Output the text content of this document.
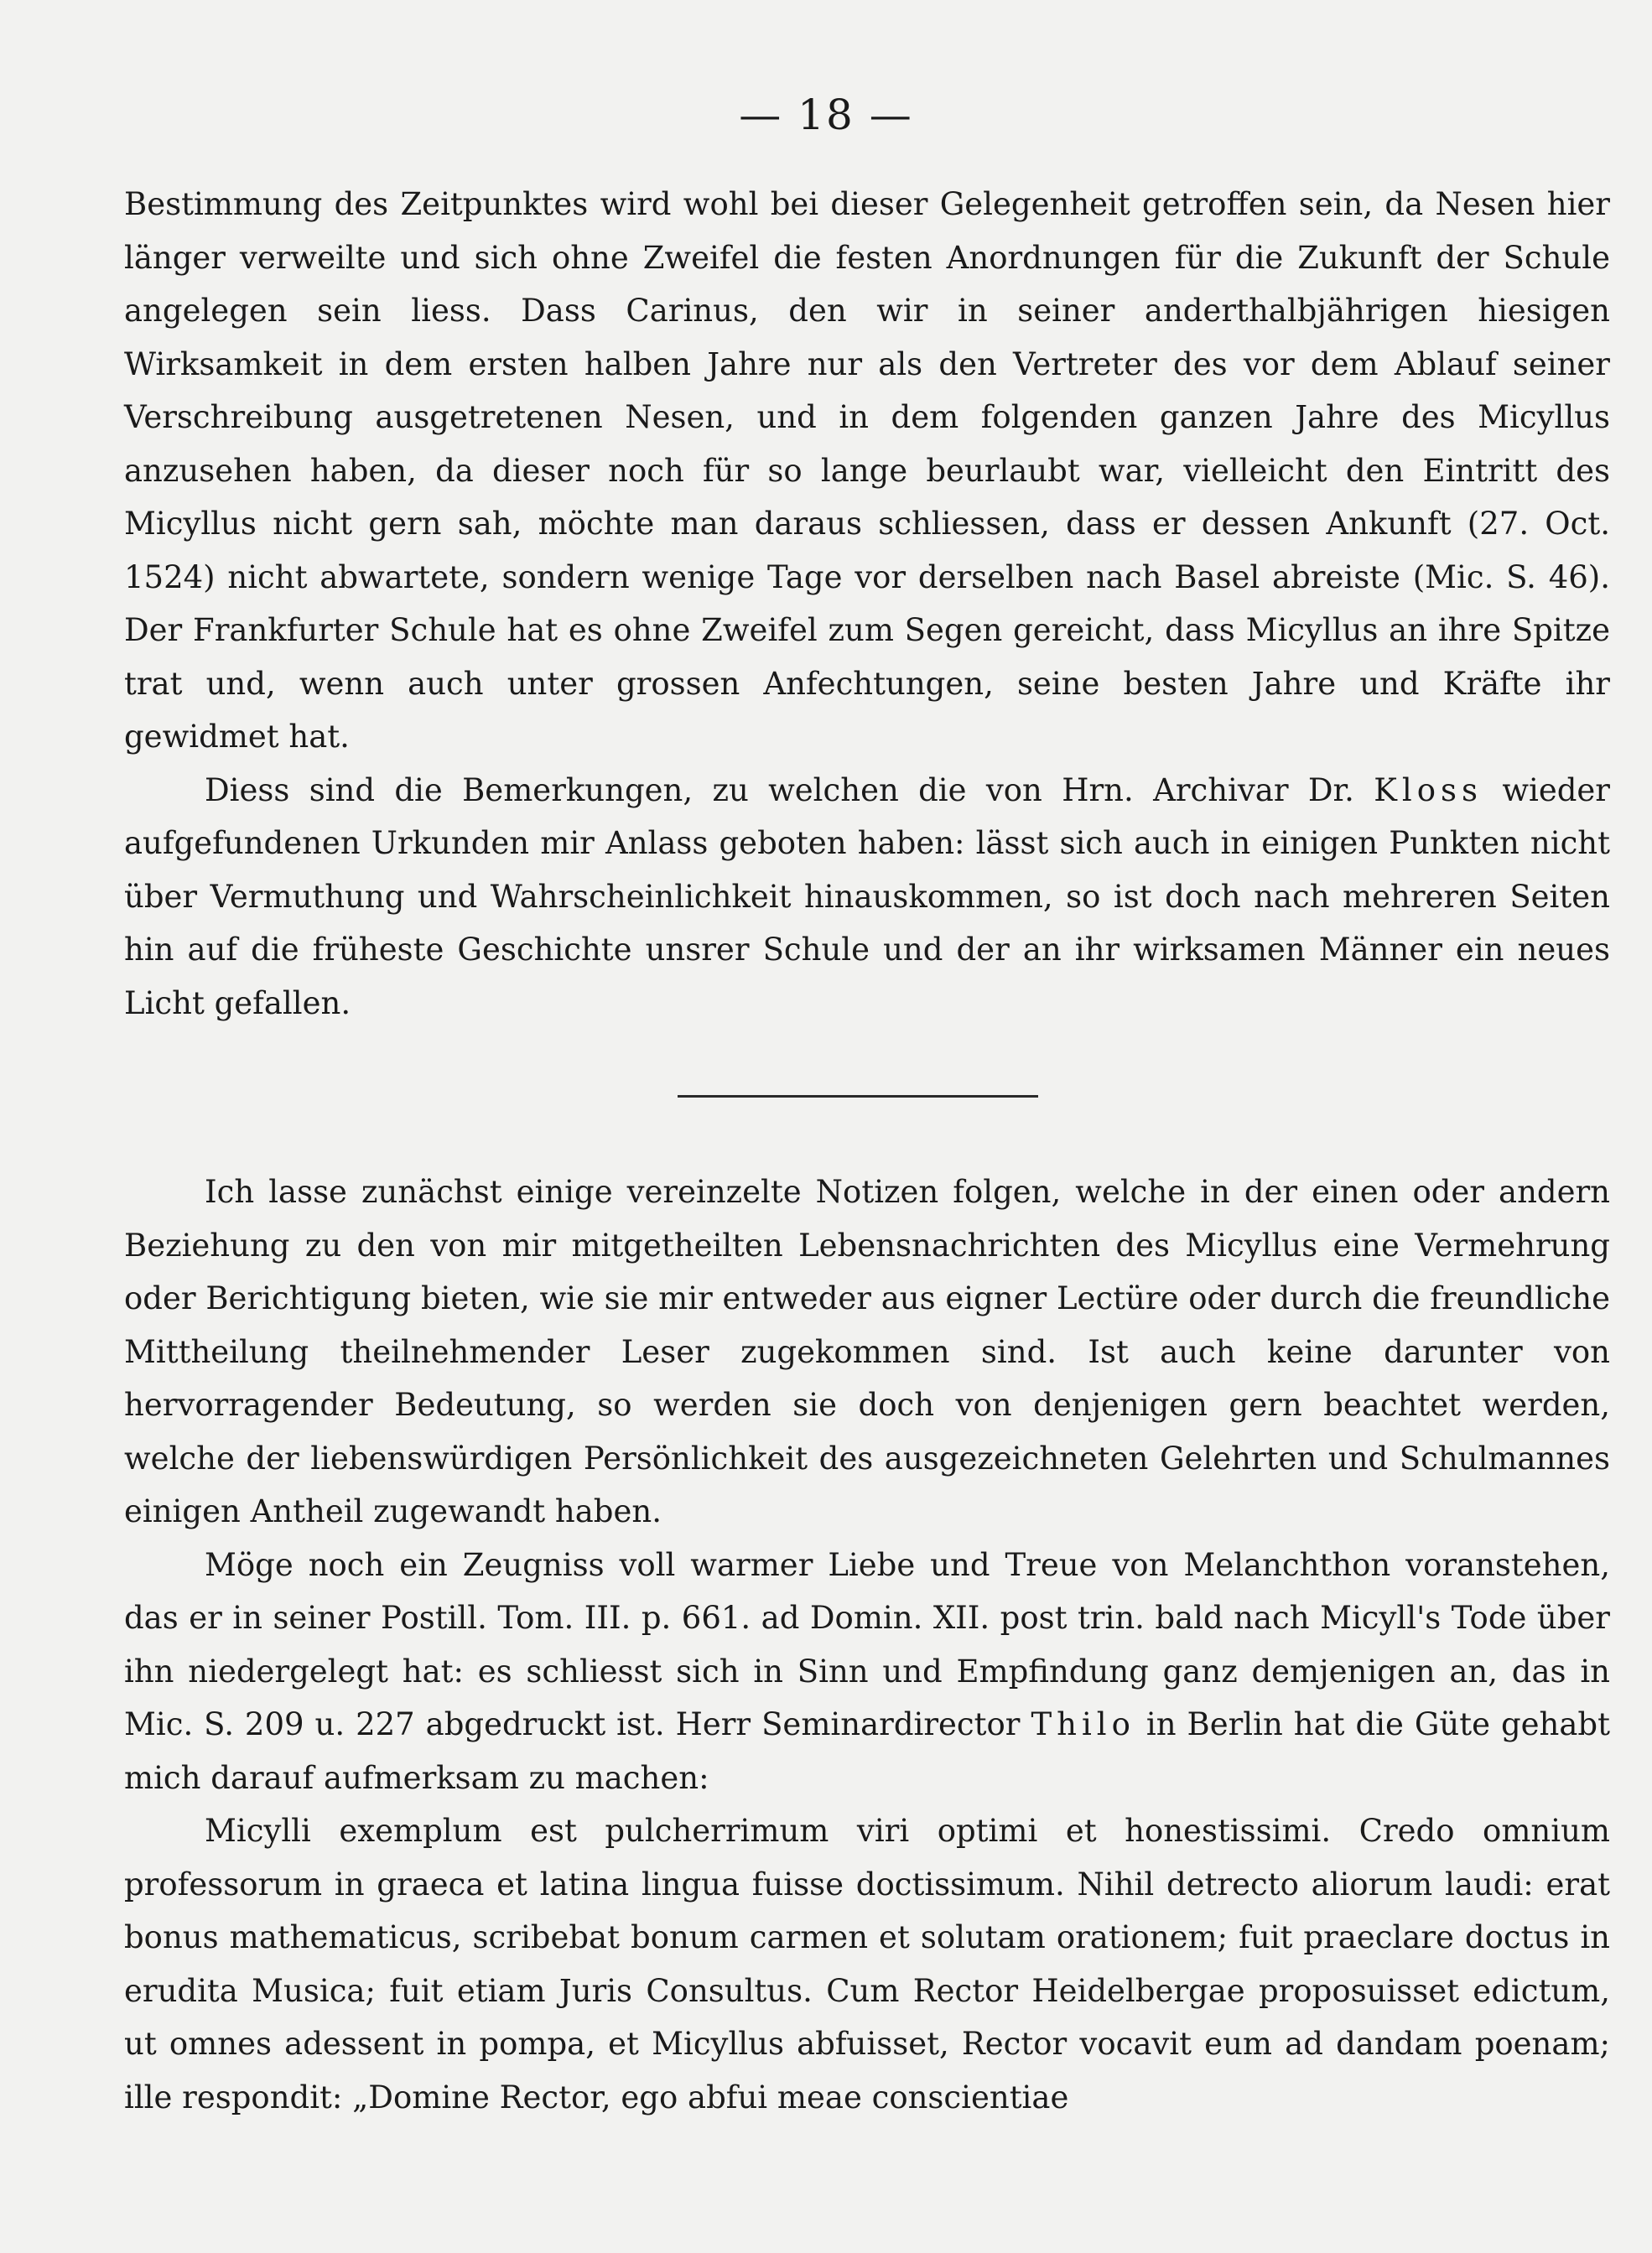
— 18 —

Bestimmung des Zeitpunktes wird wohl bei dieser Gelegenheit getroffen sein, da Nesen hier länger verweilte und sich ohne Zweifel die festen Anordnungen für die Zukunft der Schule angelegen sein liess. Dass Carinus, den wir in seiner anderthalbjährigen hiesigen Wirksamkeit in dem ersten halben Jahre nur als den Vertreter des vor dem Ablauf seiner Verschreibung ausgetretenen Nesen, und in dem folgenden ganzen Jahre des Micyllus anzusehen haben, da dieser noch für so lange beurlaubt war, vielleicht den Eintritt des Micyllus nicht gern sah, möchte man daraus schliessen, dass er dessen Ankunft (27. Oct. 1524) nicht abwartete, sondern wenige Tage vor derselben nach Basel abreiste (Mic. S. 46). Der Frankfurter Schule hat es ohne Zweifel zum Segen gereicht, dass Micyllus an ihre Spitze trat und, wenn auch unter grossen Anfechtungen, seine besten Jahre und Kräfte ihr gewidmet hat.

Diess sind die Bemerkungen, zu welchen die von Hrn. Archivar Dr. Kloss wieder aufgefundenen Urkunden mir Anlass geboten haben: lässt sich auch in einigen Punkten nicht über Vermuthung und Wahrscheinlichkeit hinauskommen, so ist doch nach mehreren Seiten hin auf die früheste Geschichte unsrer Schule und der an ihr wirksamen Männer ein neues Licht gefallen.

Ich lasse zunächst einige vereinzelte Notizen folgen, welche in der einen oder andern Beziehung zu den von mir mitgetheilten Lebensnachrichten des Micyllus eine Vermehrung oder Berichtigung bieten, wie sie mir entweder aus eigner Lectüre oder durch die freundliche Mittheilung theilnehmender Leser zugekommen sind. Ist auch keine darunter von hervorragender Bedeutung, so werden sie doch von denjenigen gern beachtet werden, welche der liebenswürdigen Persönlichkeit des ausgezeichneten Gelehrten und Schulmannes einigen Antheil zugewandt haben.

Möge noch ein Zeugniss voll warmer Liebe und Treue von Melanchthon voranstehen, das er in seiner Postill. Tom. III. p. 661. ad Domin. XII. post trin. bald nach Micyll's Tode über ihn niedergelegt hat: es schliesst sich in Sinn und Empfindung ganz demjenigen an, das in Mic. S. 209 u. 227 abgedruckt ist. Herr Seminardirector Thilo in Berlin hat die Güte gehabt mich darauf aufmerksam zu machen:

Micylli exemplum est pulcherrimum viri optimi et honestissimi. Credo omnium professorum in graeca et latina lingua fuisse doctissimum. Nihil detrecto aliorum laudi: erat bonus mathematicus, scribebat bonum carmen et solutam orationem; fuit praeclare doctus in erudita Musica; fuit etiam Juris Consultus. Cum Rector Heidelbergae proposuisset edictum, ut omnes adessent in pompa, et Micyllus abfuisset, Rector vocavit eum ad dandam poenam; ille respondit: „Domine Rector, ego abfui meae conscientiae
